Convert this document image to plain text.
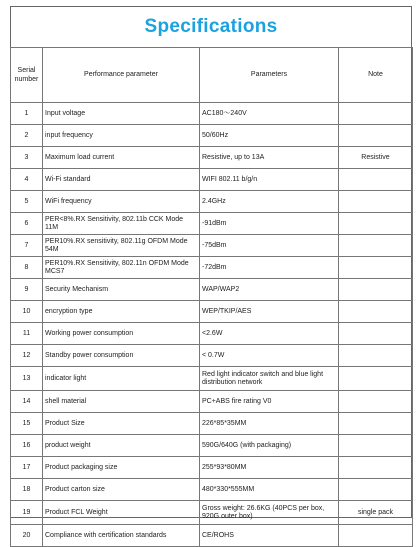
Specifications
Serial number	Performance parameter	Parameters	Note
1	Input voltage	AC180～240V	
2	input frequency	50/60Hz	
3	Maximum load current	Resistive, up to 13A	Resistive
4	Wi-Fi standard	WIFI 802.11 b/g/n	
5	WiFi frequency	2.4GHz	
6	PER<8%.RX Sensitivity, 802.11b CCK Mode 11M	-91dBm	
7	PER10%.RX sensitivity, 802.11g OFDM Mode 54M	-75dBm	
8	PER10%.RX Sensitivity, 802.11n OFDM Mode MCS7	-72dBm	
9	Security Mechanism	WAP/WAP2	
10	encryption type	WEP/TKIP/AES	
11	Working power consumption	<2.6W	
12	Standby power consumption	< 0.7W	
13	indicator light	Red light indicator switch and blue light distribution network	
14	shell material	PC+ABS fire rating V0	
15	Product Size	226*85*35MM	
16	product weight	590G/640G (with packaging)	
17	Product packaging size	255*93*80MM	
18	Product carton size	480*330*555MM	
19	Product FCL Weight	Gross weight: 26.6KG (40PCS per box, 920G outer box)	single pack
20	Compliance with certification standards	CE/ROHS	
